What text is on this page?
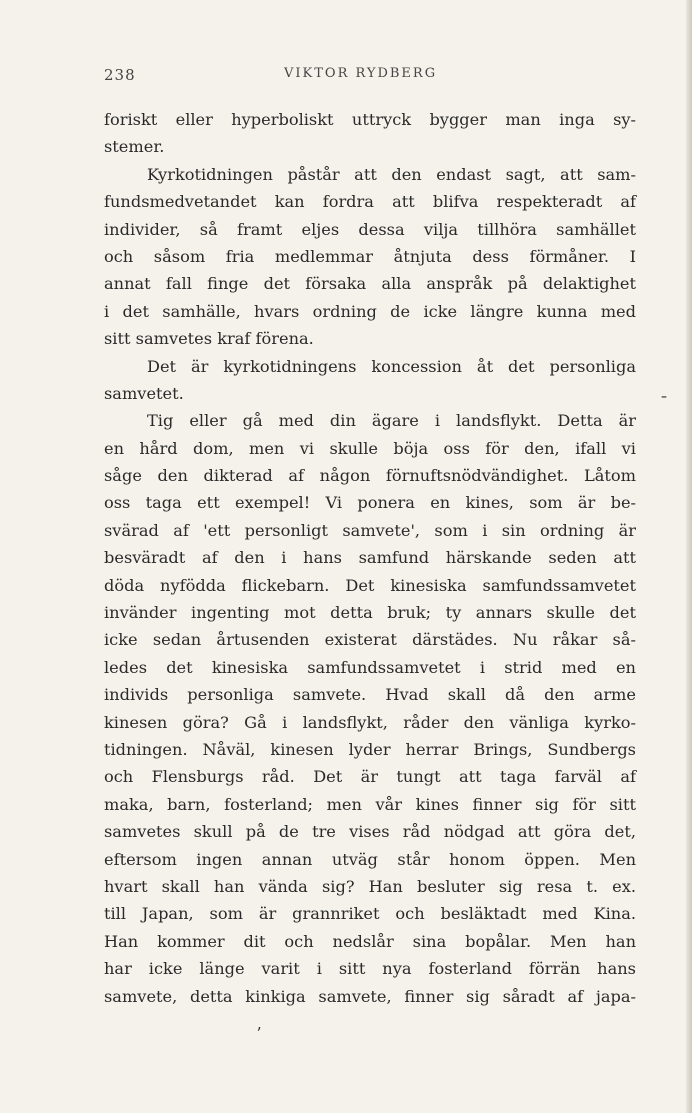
238	VIKTOR RYDBERG
foriskt eller hyperboliskt uttryck bygger man inga sy-
stemer.
Kyrkotidningen påstår att den endast sagt, att sam-
fundsmedvetandet kan fordra att blifva respekteradt af
individer, så framt eljes dessa vilja tillhöra samhället
och såsom fria medlemmar åtnjuta dess förmåner. I
annat fall finge det försaka alla anspråk på delaktighet
i det samhälle, hvars ordning de icke längre kunna med
sitt samvetes kraf förena.
Det är kyrkotidningens koncession åt det personliga
samvetet.
Tig eller gå med din ägare i landsflykt. Detta är
en hård dom, men vi skulle böja oss för den, ifall vi
såge den dikterad af någon förnuftsnödvändighet. Låtom
oss taga ett exempel! Vi ponera en kines, som är be-
svärad af 'ett personligt samvete', som i sin ordning är
besväradt af den i hans samfund härskande seden att
döda nyfödda flickebarn. Det kinesiska samfundssamvetet
invänder ingenting mot detta bruk; ty annars skulle det
icke sedan årtusenden existerat därstädes. Nu råkar så-
ledes det kinesiska samfundssamvetet i strid med en
individs personliga samvete. Hvad skall då den arme
kinesen göra? Gå i landsflykt, råder den vänliga kyrko-
tidningen. Nåväl, kinesen lyder herrar Brings, Sundbergs
och Flensburgs råd. Det är tungt att taga farväl af
maka, barn, fosterland; men vår kines finner sig för sitt
samvetes skull på de tre vises råd nödgad att göra det,
eftersom ingen annan utväg står honom öppen. Men
hvart skall han vända sig? Han besluter sig resa t. ex.
till Japan, som är grannriket och besläktadt med Kina.
Han kommer dit och nedslår sina bopålar. Men han
har icke länge varit i sitt nya fosterland förrän hans
samvete, detta kinkiga samvete, finner sig såradt af japa-
ˍ
ʼ
